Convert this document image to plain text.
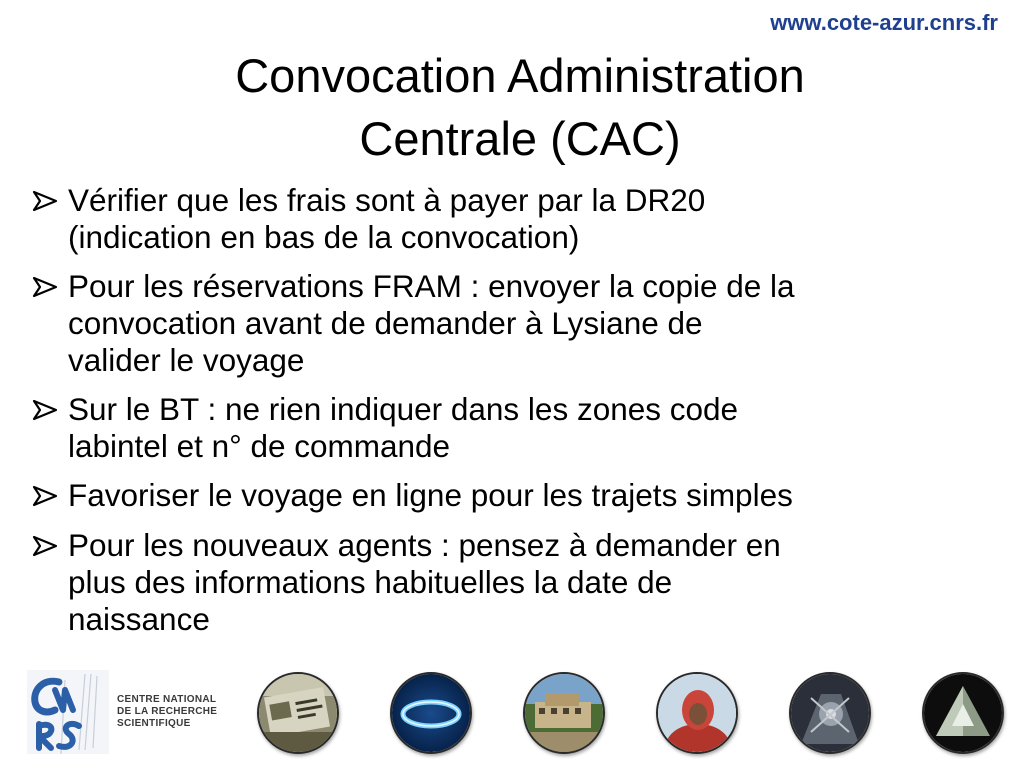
www.cote-azur.cnrs.fr
Convocation Administration
Centrale (CAC)
Vérifier que les frais sont à payer par la DR20
(indication en bas de la convocation)
Pour les réservations FRAM : envoyer la copie de la
convocation avant de demander à Lysiane de
valider le voyage
Sur le BT : ne rien indiquer dans les zones code
labintel et n° de commande
Favoriser le voyage en ligne pour les trajets simples
Pour les nouveaux agents : pensez à demander en
plus des informations habituelles la date de
naissance
CENTRE NATIONAL
DE LA RECHERCHE
SCIENTIFIQUE
